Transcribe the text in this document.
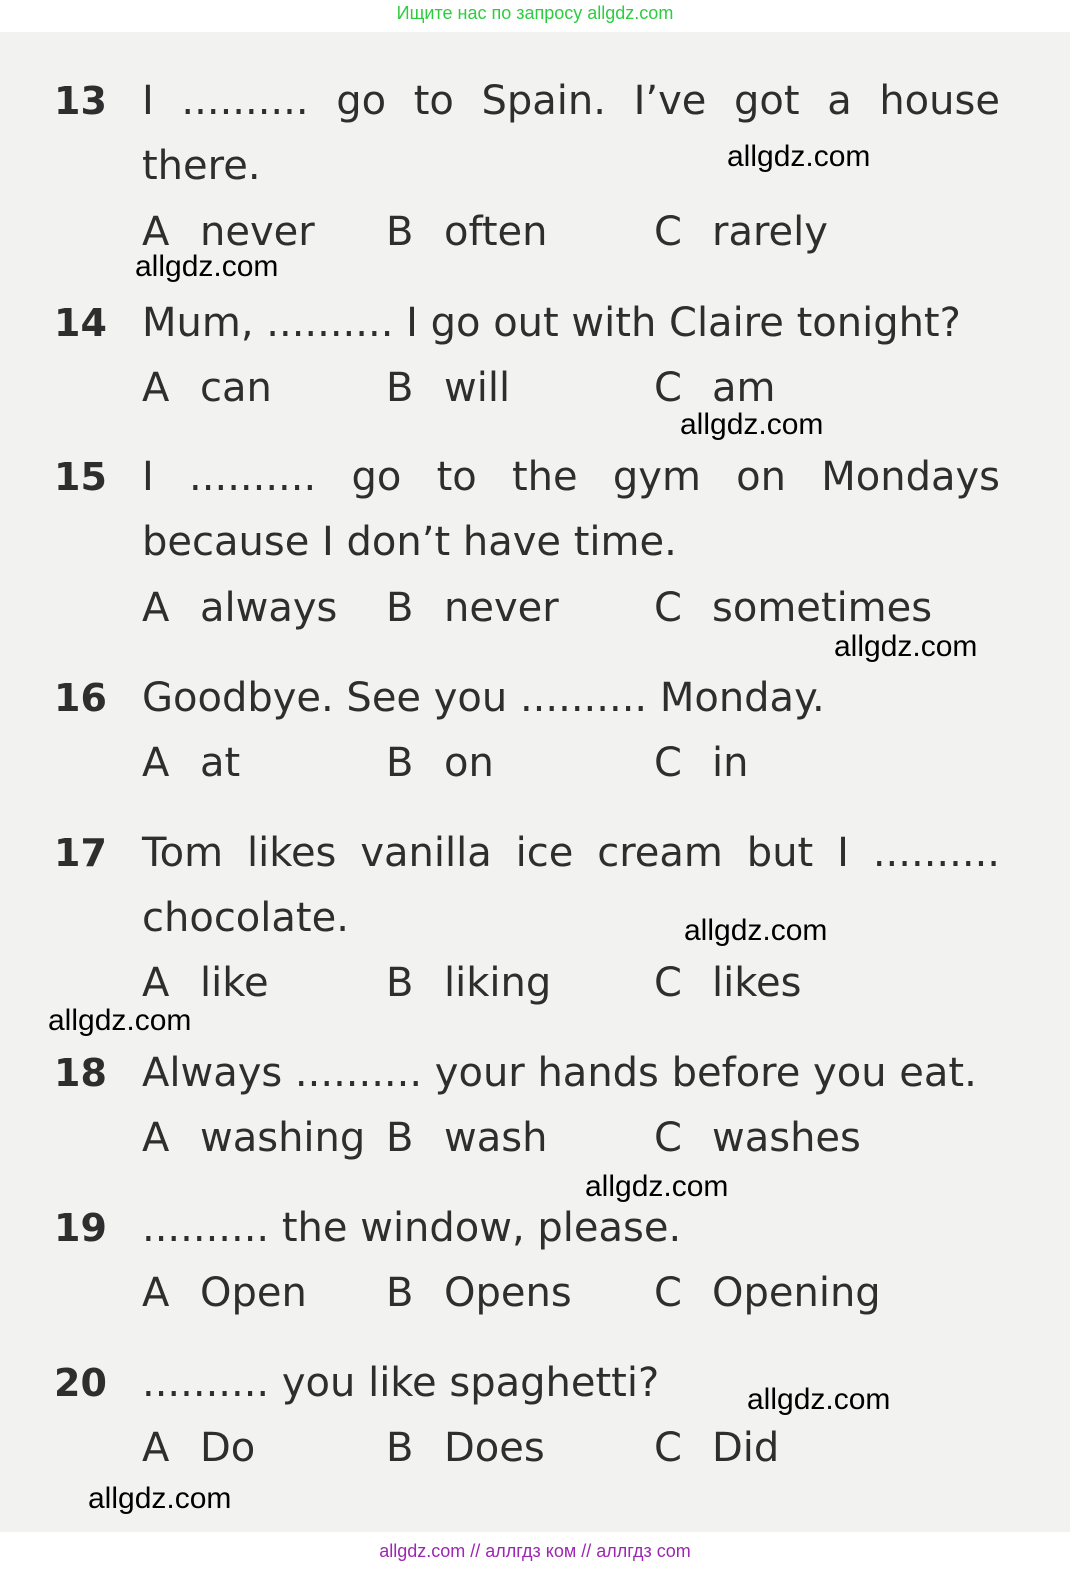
Ищите нас по запросу allgdz.com
13 I .......... go to Spain. I’ve got a house
there.
A never B often	C rarely
14 Mum, .......... I go out with Claire tonight?
A can	B will	C am
15 I .......... go to the gym on Mondays
because I don’t have time.
A always B never C sometimes
16 Goodbye. See you .......... Monday.
A at	B on	C in
17 Tom likes vanilla ice cream but I ..........
chocolate.
A like	B liking	C likes
18 Always .......... your hands before you eat.
A washing B wash	C washes
19 .......... the window, please.
A Open B Opens C Opening
20 .......... you like spaghetti?
A Do	B Does	C Did
allgdz.com
allgdz.com
allgdz.com
allgdz.com
allgdz.com
allgdz.com
allgdz.com
allgdz.com
allgdz.com
allgdz.com // аллгдз ком // аллгдз com
